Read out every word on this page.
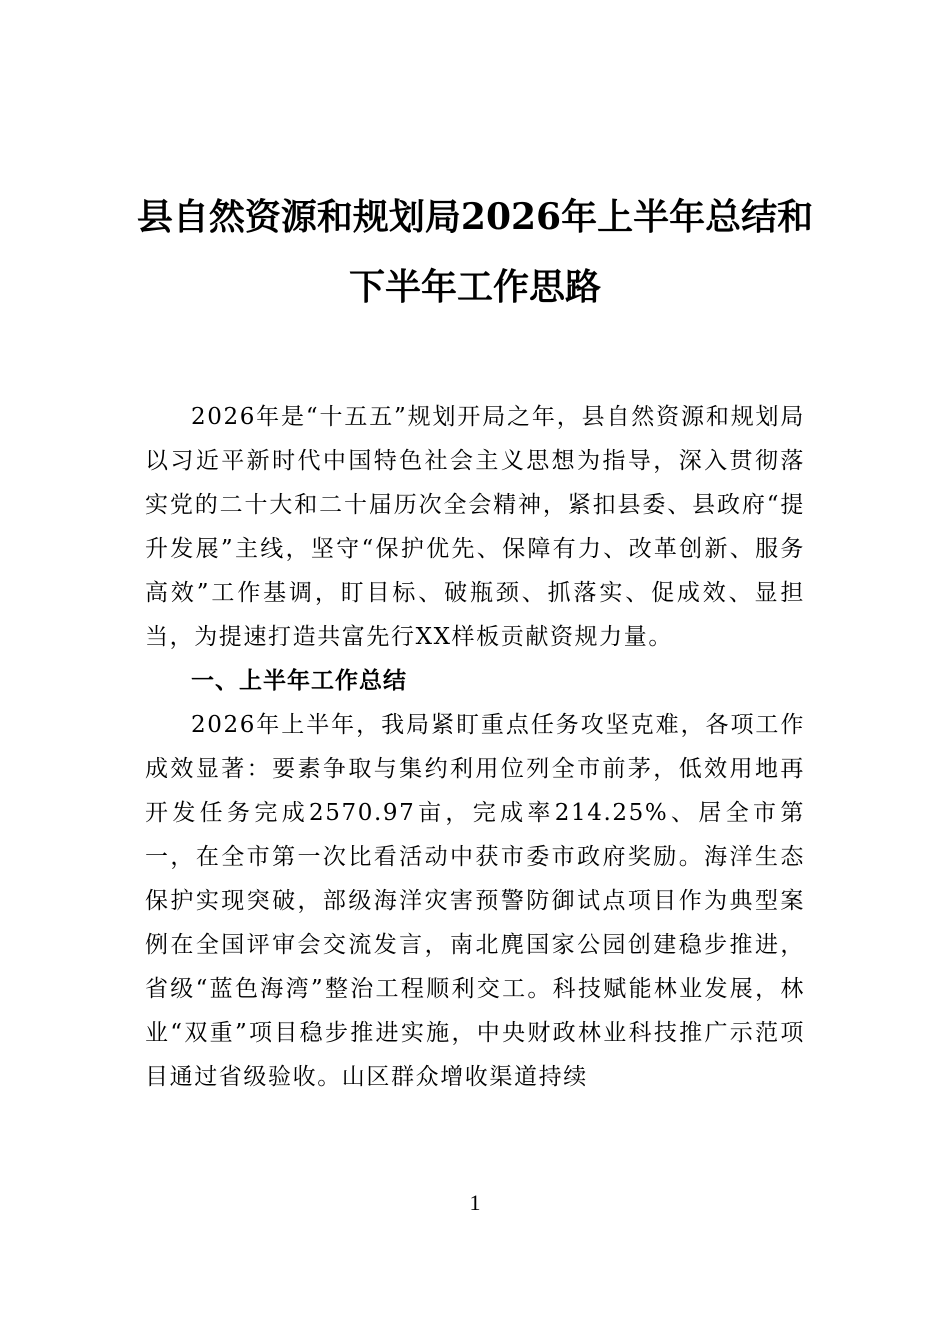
县自然资源和规划局2026年上半年总结和
下半年工作思路

2026年是“十五五”规划开局之年，县自然资源和规划局以习近平新时代中国特色社会主义思想为指导，深入贯彻落实党的二十大和二十届历次全会精神，紧扣县委、县政府“提升发展”主线，坚守“保护优先、保障有力、改革创新、服务高效”工作基调，盯目标、破瓶颈、抓落实、促成效、显担当，为提速打造共富先行XX样板贡献资规力量。

一、上半年工作总结

2026年上半年，我局紧盯重点任务攻坚克难，各项工作成效显著：要素争取与集约利用位列全市前茅，低效用地再开发任务完成2570.97亩，完成率214.25%、居全市第一，在全市第一次比看活动中获市委市政府奖励。海洋生态保护实现突破，部级海洋灾害预警防御试点项目作为典型案例在全国评审会交流发言，南北麂国家公园创建稳步推进，省级“蓝色海湾”整治工程顺利交工。科技赋能林业发展，林业“双重”项目稳步推进实施，中央财政林业科技推广示范项目通过省级验收。山区群众增收渠道持续

1
